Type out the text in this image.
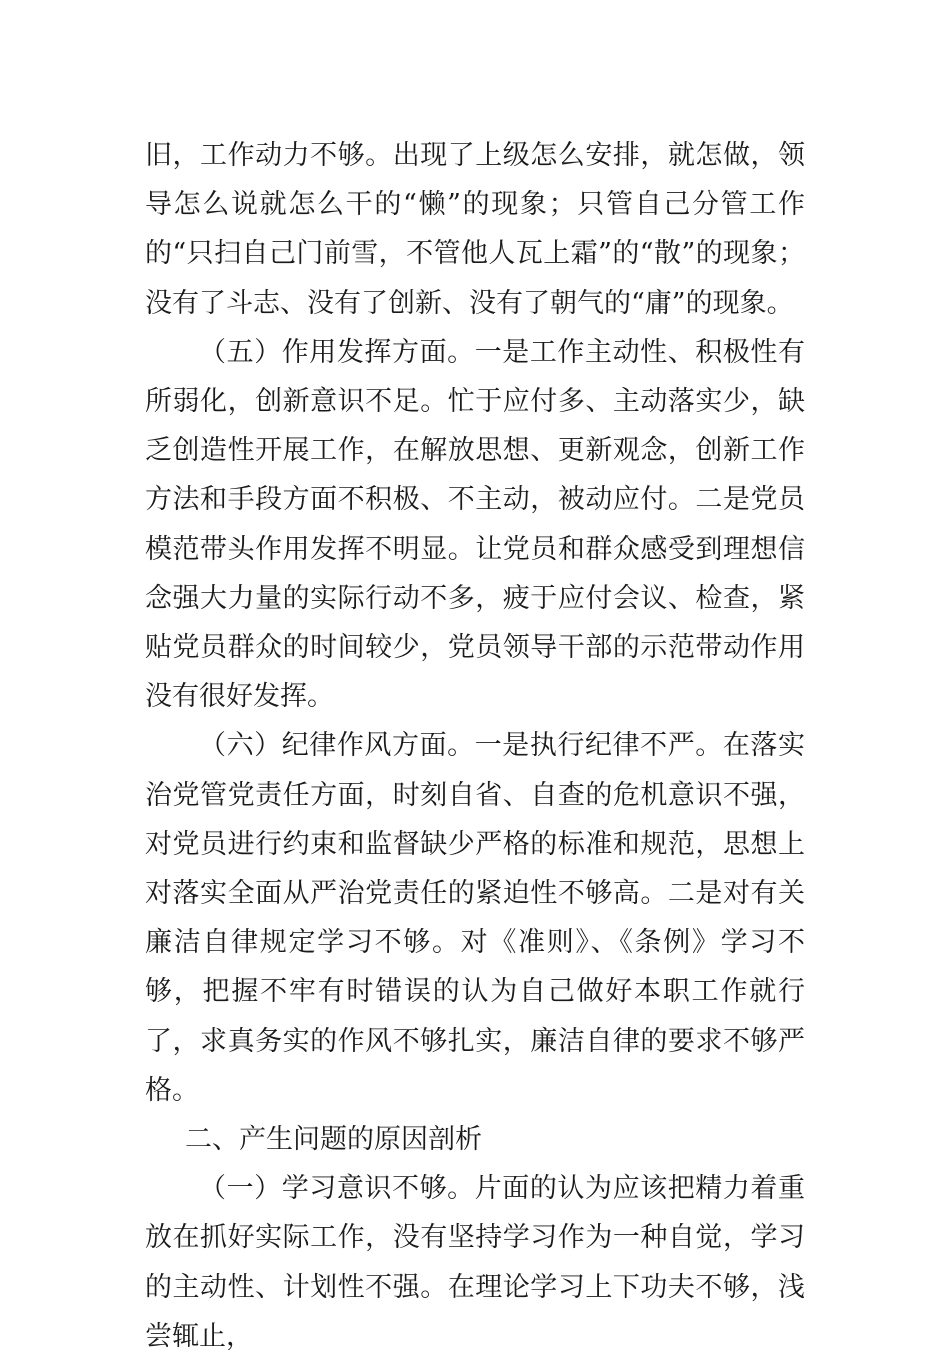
旧，工作动力不够。出现了上级怎么安排，就怎做，领导怎么说就怎么干的“懒”的现象；只管自己分管工作的“只扫自己门前雪，不管他人瓦上霜”的“散”的现象；没有了斗志、没有了创新、没有了朝气的“庸”的现象。

（五）作用发挥方面。一是工作主动性、积极性有所弱化，创新意识不足。忙于应付多、主动落实少，缺乏创造性开展工作，在解放思想、更新观念，创新工作方法和手段方面不积极、不主动，被动应付。二是党员模范带头作用发挥不明显。让党员和群众感受到理想信念强大力量的实际行动不多，疲于应付会议、检查，紧贴党员群众的时间较少，党员领导干部的示范带动作用没有很好发挥。

（六）纪律作风方面。一是执行纪律不严。在落实治党管党责任方面，时刻自省、自查的危机意识不强，对党员进行约束和监督缺少严格的标准和规范，思想上对落实全面从严治党责任的紧迫性不够高。二是对有关廉洁自律规定学习不够。对《准则》、《条例》学习不够，把握不牢有时错误的认为自己做好本职工作就行了，求真务实的作风不够扎实，廉洁自律的要求不够严格。

二、产生问题的原因剖析

（一）学习意识不够。片面的认为应该把精力着重放在抓好实际工作，没有坚持学习作为一种自觉，学习的主动性、计划性不强。在理论学习上下功夫不够，浅尝辄止，
